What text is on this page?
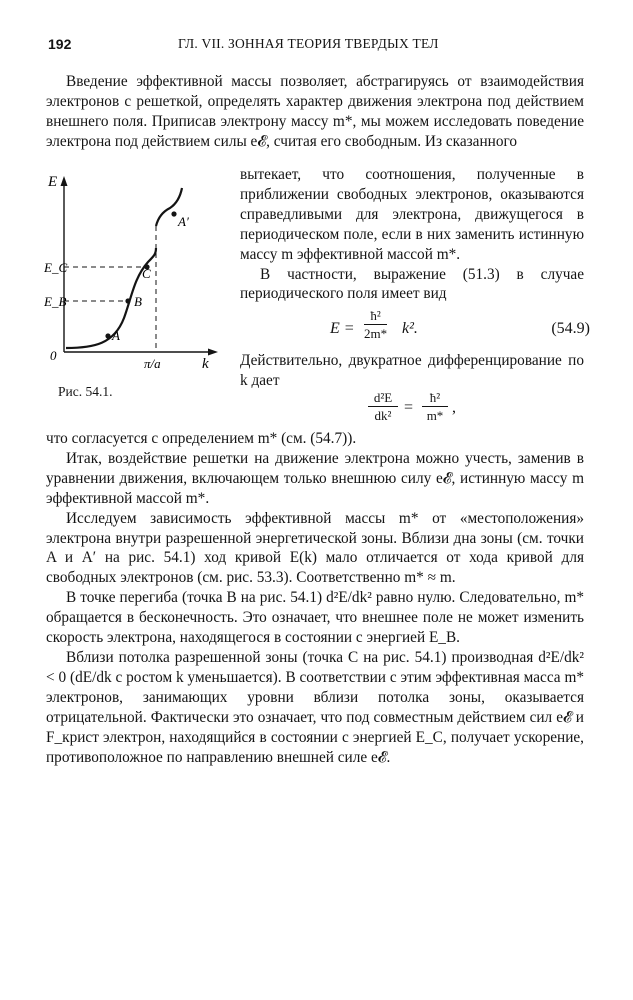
192	ГЛ. VII. ЗОННАЯ ТЕОРИЯ ТВЕРДЫХ ТЕЛ

Введение эффективной массы позволяет, абстрагируясь от взаимодействия электронов с решеткой, определять характер движения электрона под действием внешнего поля. Приписав электрону массу m*, мы можем исследовать поведение электрона под действием силы e𝓔, считая его свободным. Из сказанного

E
k
0
π/a
E_C
E_B
A
B
C
A′
Рис. 54.1.

вытекает, что соотношения, полученные в приближении свободных электронов, оказываются справедливыми для электрона, движущегося в периодическом поле, если в них заменить истинную массу m эффективной массой m*.

В частности, выражение (51.3) в случае периодического поля имеет вид

E =
ħ²
2m* k².	(54.9)

Действительно, двукратное дифференцирование по k дает

d²E
dk² =
ħ²
m* ,

что согласуется с определением m* (см. (54.7)).

Итак, воздействие решетки на движение электрона можно учесть, заменив в уравнении движения, включающем только внешнюю силу e𝓔, истинную массу m эффективной массой m*.

Исследуем зависимость эффективной массы m* от «местоположения» электрона внутри разрешенной энергетической зоны. Вблизи дна зоны (см. точки A и A′ на рис. 54.1) ход кривой E(k) мало отличается от хода кривой для свободных электронов (см. рис. 53.3). Соответственно m* ≈ m.

В точке перегиба (точка B на рис. 54.1) d²E/dk² равно нулю. Следовательно, m* обращается в бесконечность. Это означает, что внешнее поле не может изменить скорость электрона, находящегося в состоянии с энергией E_B.

Вблизи потолка разрешенной зоны (точка C на рис. 54.1) производная d²E/dk² < 0 (dE/dk с ростом k уменьшается). В соответствии с этим эффективная масса m* электронов, занимающих уровни вблизи потолка зоны, оказывается отрицательной. Фактически это означает, что под совместным действием сил e𝓔 и F_крист электрон, находящийся в состоянии с энергией E_C, получает ускорение, противоположное по направлению внешней силе e𝓔.
